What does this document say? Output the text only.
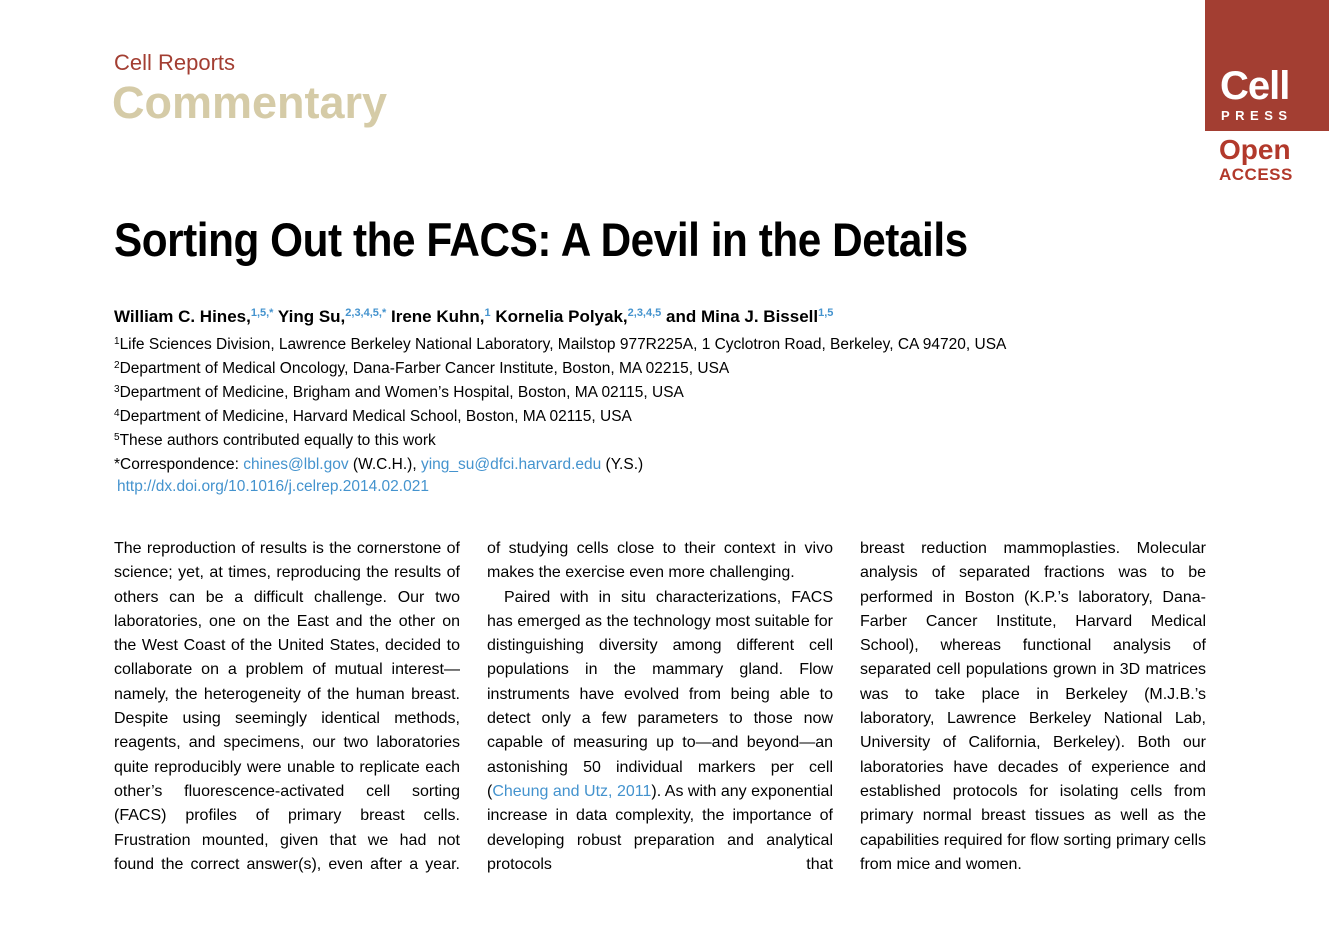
Cell Reports
Commentary	Cell
PRESS
Open
ACCESS
Sorting Out the FACS: A Devil in the Details
William C. Hines,$^{1,5,*}$ Ying Su,$^{2,3,4,5,*}$ Irene Kuhn,$^1$ Kornelia Polyak,$^{2,3,4,5}$ and Mina J. Bissell$^{1,5}$
$^1$Life Sciences Division, Lawrence Berkeley National Laboratory, Mailstop 977R225A, 1 Cyclotron Road, Berkeley, CA 94720, USA
$^2$Department of Medical Oncology, Dana-Farber Cancer Institute, Boston, MA 02215, USA
$^3$Department of Medicine, Brigham and Women’s Hospital, Boston, MA 02115, USA
$^4$Department of Medicine, Harvard Medical School, Boston, MA 02115, USA
$^5$These authors contributed equally to this work
*Correspondence: chines@lbl.gov (W.C.H.), ying_su@dfci.harvard.edu (Y.S.)
http://dx.doi.org/10.1016/j.celrep.2014.02.021

The reproduction of results is the cornerstone of science; yet, at times, reproducing the results of others can be a difficult challenge. Our two laboratories, one on the East and the other on the West Coast of the United States, decided to collaborate on a problem of mutual interest—namely, the heterogeneity of the human breast. Despite using seemingly identical methods, reagents, and specimens, our two laboratories quite reproducibly were unable to replicate each other’s fluorescence-activated cell sorting (FACS) profiles of primary breast cells. Frustration mounted, given that we had not found the correct answer(s), even after a year.

of studying cells close to their context in vivo makes the exercise even more challenging.

Paired with in situ characterizations, FACS has emerged as the technology most suitable for distinguishing diversity among different cell populations in the mammary gland. Flow instruments have evolved from being able to detect only a few parameters to those now capable of measuring up to—and beyond—an astonishing 50 individual markers per cell (Cheung and Utz, 2011). As with any exponential increase in data complexity, the importance of developing robust preparation and analytical protocols that

breast reduction mammoplasties. Molecular analysis of separated fractions was to be performed in Boston (K.P.’s laboratory, Dana-Farber Cancer Institute, Harvard Medical School), whereas functional analysis of separated cell populations grown in 3D matrices was to take place in Berkeley (M.J.B.’s laboratory, Lawrence Berkeley National Lab, University of California, Berkeley). Both our laboratories have decades of experience and established protocols for isolating cells from primary normal breast tissues as well as the capabilities required for flow sorting primary cells from mice and women.
